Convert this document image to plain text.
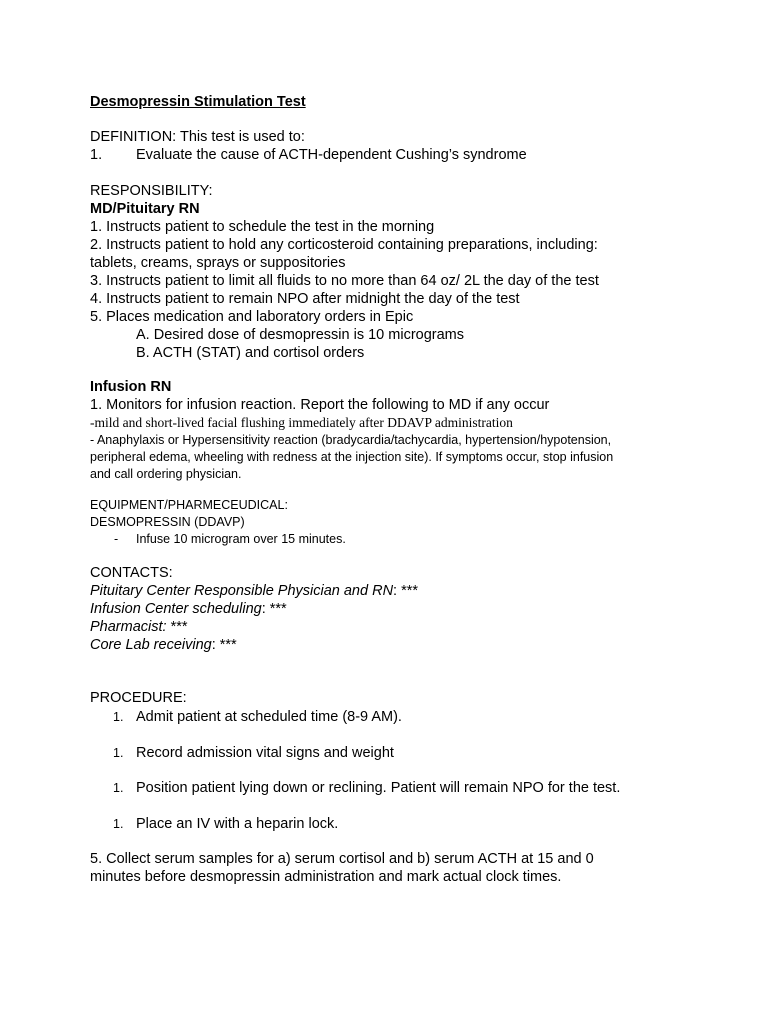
Desmopressin Stimulation Test
DEFINITION: This test is used to:
1. Evaluate the cause of ACTH-dependent Cushing’s syndrome
RESPONSIBILITY:
MD/Pituitary RN
1. Instructs patient to schedule the test in the morning
2. Instructs patient to hold any corticosteroid containing preparations, including:
tablets, creams, sprays or suppositories
3. Instructs patient to limit all fluids to no more than 64 oz/ 2L the day of the test
4. Instructs patient to remain NPO after midnight the day of the test
5. Places medication and laboratory orders in Epic
A. Desired dose of desmopressin is 10 micrograms
B. ACTH (STAT) and cortisol orders
Infusion RN
1. Monitors for infusion reaction. Report the following to MD if any occur
-mild and short-lived facial flushing immediately after DDAVP administration
- Anaphylaxis or Hypersensitivity reaction (bradycardia/tachycardia, hypertension/hypotension,
peripheral edema, wheeling with redness at the injection site). If symptoms occur, stop infusion
and call ordering physician.
EQUIPMENT/PHARMECEUDICAL:
DESMOPRESSIN (DDAVP)
- Infuse 10 microgram over 15 minutes.
CONTACTS:
Pituitary Center Responsible Physician and RN: ***
Infusion Center scheduling: ***
Pharmacist: ***
Core Lab receiving: ***
PROCEDURE:
1. Admit patient at scheduled time (8-9 AM).
1. Record admission vital signs and weight
1. Position patient lying down or reclining. Patient will remain NPO for the test.
1. Place an IV with a heparin lock.
5. Collect serum samples for a) serum cortisol and b) serum ACTH at 15 and 0
minutes before desmopressin administration and mark actual clock times.
